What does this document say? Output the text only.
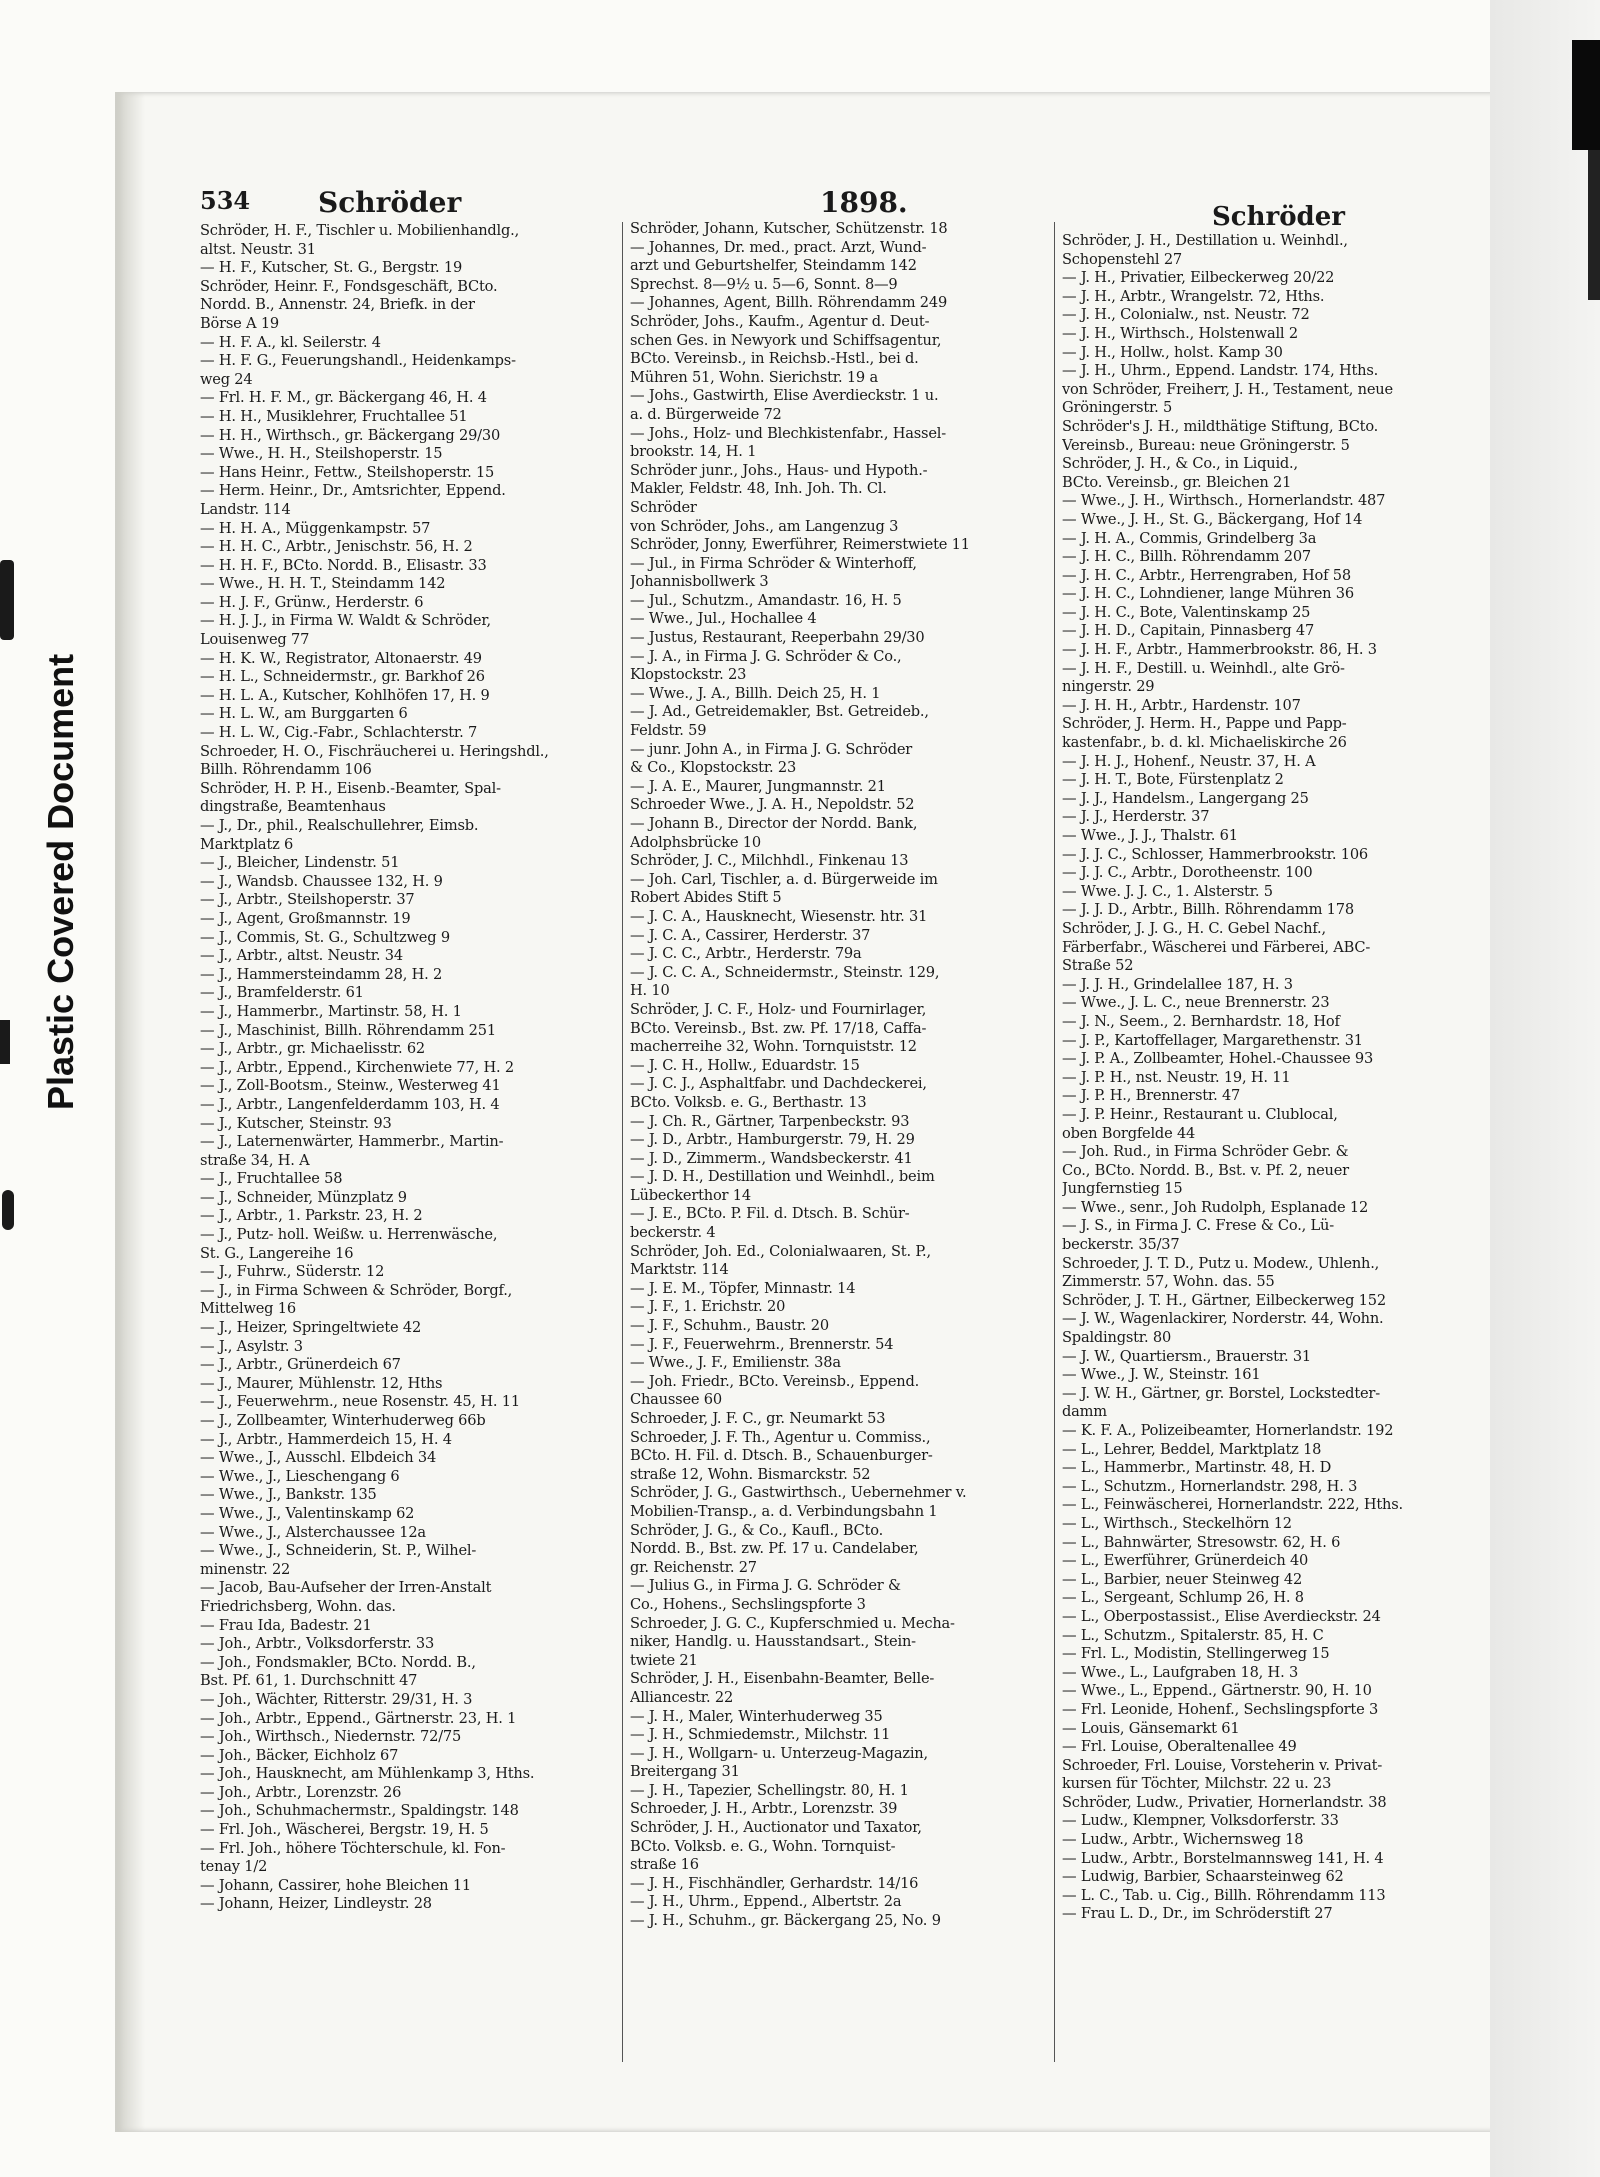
Plastic Covered Document
534 Schröder	1898.	Schröder

Schröder, H. F., Tischler u. Mobilienhandlg.,

altst. Neustr. 31

— H. F., Kutscher, St. G., Bergstr. 19

Schröder, Heinr. F., Fondsgeschäft, BCto.

Nordd. B., Annenstr. 24, Briefk. in der

Börse A 19

— H. F. A., kl. Seilerstr. 4

— H. F. G., Feuerungshandl., Heidenkamps-

weg 24

— Frl. H. F. M., gr. Bäckergang 46, H. 4

— H. H., Musiklehrer, Fruchtallee 51

— H. H., Wirthsch., gr. Bäckergang 29/30

— Wwe., H. H., Steilshoperstr. 15

— Hans Heinr., Fettw., Steilshoperstr. 15

— Herm. Heinr., Dr., Amtsrichter, Eppend.

Landstr. 114

— H. H. A., Müggenkampstr. 57

— H. H. C., Arbtr., Jenischstr. 56, H. 2

— H. H. F., BCto. Nordd. B., Elisastr. 33

— Wwe., H. H. T., Steindamm 142

— H. J. F., Grünw., Herderstr. 6

— H. J. J., in Firma W. Waldt & Schröder,

Louisenweg 77

— H. K. W., Registrator, Altonaerstr. 49

— H. L., Schneidermstr., gr. Barkhof 26

— H. L. A., Kutscher, Kohlhöfen 17, H. 9

— H. L. W., am Burggarten 6

— H. L. W., Cig.-Fabr., Schlachterstr. 7

Schroeder, H. O., Fischräucherei u. Heringshdl.,

Billh. Röhrendamm 106

Schröder, H. P. H., Eisenb.-Beamter, Spal-

dingstraße, Beamtenhaus

— J., Dr., phil., Realschullehrer, Eimsb.

Marktplatz 6

— J., Bleicher, Lindenstr. 51

— J., Wandsb. Chaussee 132, H. 9

— J., Arbtr., Steilshoperstr. 37

— J., Agent, Großmannstr. 19

— J., Commis, St. G., Schultzweg 9

— J., Arbtr., altst. Neustr. 34

— J., Hammersteindamm 28, H. 2

— J., Bramfelderstr. 61

— J., Hammerbr., Martinstr. 58, H. 1

— J., Maschinist, Billh. Röhrendamm 251

— J., Arbtr., gr. Michaelisstr. 62

— J., Arbtr., Eppend., Kirchenwiete 77, H. 2

— J., Zoll-Bootsm., Steinw., Westerweg 41

— J., Arbtr., Langenfelderdamm 103, H. 4

— J., Kutscher, Steinstr. 93

— J., Laternenwärter, Hammerbr., Martin-

straße 34, H. A

— J., Fruchtallee 58

— J., Schneider, Münzplatz 9

— J., Arbtr., 1. Parkstr. 23, H. 2

— J., Putz- holl. Weißw. u. Herrenwäsche,

St. G., Langereihe 16

— J., Fuhrw., Süderstr. 12

— J., in Firma Schween & Schröder, Borgf.,

Mittelweg 16

— J., Heizer, Springeltwiete 42

— J., Asylstr. 3

— J., Arbtr., Grünerdeich 67

— J., Maurer, Mühlenstr. 12, Hths

— J., Feuerwehrm., neue Rosenstr. 45, H. 11

— J., Zollbeamter, Winterhuderweg 66b

— J., Arbtr., Hammerdeich 15, H. 4

— Wwe., J., Ausschl. Elbdeich 34

— Wwe., J., Lieschengang 6

— Wwe., J., Bankstr. 135

— Wwe., J., Valentinskamp 62

— Wwe., J., Alsterchaussee 12a

— Wwe., J., Schneiderin, St. P., Wilhel-

minenstr. 22

— Jacob, Bau-Aufseher der Irren-Anstalt

Friedrichsberg, Wohn. das.

— Frau Ida, Badestr. 21

— Joh., Arbtr., Volksdorferstr. 33

— Joh., Fondsmakler, BCto. Nordd. B.,

Bst. Pf. 61, 1. Durchschnitt 47

— Joh., Wächter, Ritterstr. 29/31, H. 3

— Joh., Arbtr., Eppend., Gärtnerstr. 23, H. 1

— Joh., Wirthsch., Niedernstr. 72/75

— Joh., Bäcker, Eichholz 67

— Joh., Hausknecht, am Mühlenkamp 3, Hths.

— Joh., Arbtr., Lorenzstr. 26

— Joh., Schuhmachermstr., Spaldingstr. 148

— Frl. Joh., Wäscherei, Bergstr. 19, H. 5

— Frl. Joh., höhere Töchterschule, kl. Fon-

tenay 1/2

— Johann, Cassirer, hohe Bleichen 11

— Johann, Heizer, Lindleystr. 28

Schröder, Johann, Kutscher, Schützenstr. 18

— Johannes, Dr. med., pract. Arzt, Wund-

arzt und Geburtshelfer, Steindamm 142

Sprechst. 8—9½ u. 5—6, Sonnt. 8—9

— Johannes, Agent, Billh. Röhrendamm 249

Schröder, Johs., Kaufm., Agentur d. Deut-

schen Ges. in Newyork und Schiffsagentur,

BCto. Vereinsb., in Reichsb.-Hstl., bei d.

Mühren 51, Wohn. Sierichstr. 19 a

— Johs., Gastwirth, Elise Averdieckstr. 1 u.

a. d. Bürgerweide 72

— Johs., Holz- und Blechkistenfabr., Hassel-

brookstr. 14, H. 1

Schröder junr., Johs., Haus- und Hypoth.-

Makler, Feldstr. 48, Inh. Joh. Th. Cl.

Schröder

von Schröder, Johs., am Langenzug 3

Schröder, Jonny, Ewerführer, Reimerstwiete 11

— Jul., in Firma Schröder & Winterhoff,

Johannisbollwerk 3

— Jul., Schutzm., Amandastr. 16, H. 5

— Wwe., Jul., Hochallee 4

— Justus, Restaurant, Reeperbahn 29/30

— J. A., in Firma J. G. Schröder & Co.,

Klopstockstr. 23

— Wwe., J. A., Billh. Deich 25, H. 1

— J. Ad., Getreidemakler, Bst. Getreideb.,

Feldstr. 59

— junr. John A., in Firma J. G. Schröder

& Co., Klopstockstr. 23

— J. A. E., Maurer, Jungmannstr. 21

Schroeder Wwe., J. A. H., Nepoldstr. 52

— Johann B., Director der Nordd. Bank,

Adolphsbrücke 10

Schröder, J. C., Milchhdl., Finkenau 13

— Joh. Carl, Tischler, a. d. Bürgerweide im

Robert Abides Stift 5

— J. C. A., Hausknecht, Wiesenstr. htr. 31

— J. C. A., Cassirer, Herderstr. 37

— J. C. C., Arbtr., Herderstr. 79a

— J. C. C. A., Schneidermstr., Steinstr. 129,

H. 10

Schröder, J. C. F., Holz- und Fournirlager,

BCto. Vereinsb., Bst. zw. Pf. 17/18, Caffa-

macherreihe 32, Wohn. Tornquiststr. 12

— J. C. H., Hollw., Eduardstr. 15

— J. C. J., Asphaltfabr. und Dachdeckerei,

BCto. Volksb. e. G., Berthastr. 13

— J. Ch. R., Gärtner, Tarpenbeckstr. 93

— J. D., Arbtr., Hamburgerstr. 79, H. 29

— J. D., Zimmerm., Wandsbeckerstr. 41

— J. D. H., Destillation und Weinhdl., beim

Lübeckerthor 14

— J. E., BCto. P. Fil. d. Dtsch. B. Schür-

beckerstr. 4

Schröder, Joh. Ed., Colonialwaaren, St. P.,

Marktstr. 114

— J. E. M., Töpfer, Minnastr. 14

— J. F., 1. Erichstr. 20

— J. F., Schuhm., Baustr. 20

— J. F., Feuerwehrm., Brennerstr. 54

— Wwe., J. F., Emilienstr. 38a

— Joh. Friedr., BCto. Vereinsb., Eppend.

Chaussee 60

Schroeder, J. F. C., gr. Neumarkt 53

Schroeder, J. F. Th., Agentur u. Commiss.,

BCto. H. Fil. d. Dtsch. B., Schauenburger-

straße 12, Wohn. Bismarckstr. 52

Schröder, J. G., Gastwirthsch., Uebernehmer v.

Mobilien-Transp., a. d. Verbindungsbahn 1

Schröder, J. G., & Co., Kaufl., BCto.

Nordd. B., Bst. zw. Pf. 17 u. Candelaber,

gr. Reichenstr. 27

— Julius G., in Firma J. G. Schröder &

Co., Hohens., Sechslingspforte 3

Schroeder, J. G. C., Kupferschmied u. Mecha-

niker, Handlg. u. Hausstandsart., Stein-

twiete 21

Schröder, J. H., Eisenbahn-Beamter, Belle-

Alliancestr. 22

— J. H., Maler, Winterhuderweg 35

— J. H., Schmiedemstr., Milchstr. 11

— J. H., Wollgarn- u. Unterzeug-Magazin,

Breitergang 31

— J. H., Tapezier, Schellingstr. 80, H. 1

Schroeder, J. H., Arbtr., Lorenzstr. 39

Schröder, J. H., Auctionator und Taxator,

BCto. Volksb. e. G., Wohn. Tornquist-

straße 16

— J. H., Fischhändler, Gerhardstr. 14/16

— J. H., Uhrm., Eppend., Albertstr. 2a

— J. H., Schuhm., gr. Bäckergang 25, No. 9

Schröder, J. H., Destillation u. Weinhdl.,

Schopenstehl 27

— J. H., Privatier, Eilbeckerweg 20/22

— J. H., Arbtr., Wrangelstr. 72, Hths.

— J. H., Colonialw., nst. Neustr. 72

— J. H., Wirthsch., Holstenwall 2

— J. H., Hollw., holst. Kamp 30

— J. H., Uhrm., Eppend. Landstr. 174, Hths.

von Schröder, Freiherr, J. H., Testament, neue

Gröningerstr. 5

Schröder's J. H., mildthätige Stiftung, BCto.

Vereinsb., Bureau: neue Gröningerstr. 5

Schröder, J. H., & Co., in Liquid.,

BCto. Vereinsb., gr. Bleichen 21

— Wwe., J. H., Wirthsch., Hornerlandstr. 487

— Wwe., J. H., St. G., Bäckergang, Hof 14

— J. H. A., Commis, Grindelberg 3a

— J. H. C., Billh. Röhrendamm 207

— J. H. C., Arbtr., Herrengraben, Hof 58

— J. H. C., Lohndiener, lange Mühren 36

— J. H. C., Bote, Valentinskamp 25

— J. H. D., Capitain, Pinnasberg 47

— J. H. F., Arbtr., Hammerbrookstr. 86, H. 3

— J. H. F., Destill. u. Weinhdl., alte Grö-

ningerstr. 29

— J. H. H., Arbtr., Hardenstr. 107

Schröder, J. Herm. H., Pappe und Papp-

kastenfabr., b. d. kl. Michaeliskirche 26

— J. H. J., Hohenf., Neustr. 37, H. A

— J. H. T., Bote, Fürstenplatz 2

— J. J., Handelsm., Langergang 25

— J. J., Herderstr. 37

— Wwe., J. J., Thalstr. 61

— J. J. C., Schlosser, Hammerbrookstr. 106

— J. J. C., Arbtr., Dorotheenstr. 100

— Wwe. J. J. C., 1. Alsterstr. 5

— J. J. D., Arbtr., Billh. Röhrendamm 178

Schröder, J. J. G., H. C. Gebel Nachf.,

Färberfabr., Wäscherei und Färberei, ABC-

Straße 52

— J. J. H., Grindelallee 187, H. 3

— Wwe., J. L. C., neue Brennerstr. 23

— J. N., Seem., 2. Bernhardstr. 18, Hof

— J. P., Kartoffellager, Margarethenstr. 31

— J. P. A., Zollbeamter, Hohel.-Chaussee 93

— J. P. H., nst. Neustr. 19, H. 11

— J. P. H., Brennerstr. 47

— J. P. Heinr., Restaurant u. Clublocal,

oben Borgfelde 44

— Joh. Rud., in Firma Schröder Gebr. &

Co., BCto. Nordd. B., Bst. v. Pf. 2, neuer

Jungfernstieg 15

— Wwe., senr., Joh Rudolph, Esplanade 12

— J. S., in Firma J. C. Frese & Co., Lü-

beckerstr. 35/37

Schroeder, J. T. D., Putz u. Modew., Uhlenh.,

Zimmerstr. 57, Wohn. das. 55

Schröder, J. T. H., Gärtner, Eilbeckerweg 152

— J. W., Wagenlackirer, Norderstr. 44, Wohn.

Spaldingstr. 80

— J. W., Quartiersm., Brauerstr. 31

— Wwe., J. W., Steinstr. 161

— J. W. H., Gärtner, gr. Borstel, Lockstedter-

damm

— K. F. A., Polizeibeamter, Hornerlandstr. 192

— L., Lehrer, Beddel, Marktplatz 18

— L., Hammerbr., Martinstr. 48, H. D

— L., Schutzm., Hornerlandstr. 298, H. 3

— L., Feinwäscherei, Hornerlandstr. 222, Hths.

— L., Wirthsch., Steckelhörn 12

— L., Bahnwärter, Stresowstr. 62, H. 6

— L., Ewerführer, Grünerdeich 40

— L., Barbier, neuer Steinweg 42

— L., Sergeant, Schlump 26, H. 8

— L., Oberpostassist., Elise Averdieckstr. 24

— L., Schutzm., Spitalerstr. 85, H. C

— Frl. L., Modistin, Stellingerweg 15

— Wwe., L., Laufgraben 18, H. 3

— Wwe., L., Eppend., Gärtnerstr. 90, H. 10

— Frl. Leonide, Hohenf., Sechslingspforte 3

— Louis, Gänsemarkt 61

— Frl. Louise, Oberaltenallee 49

Schroeder, Frl. Louise, Vorsteherin v. Privat-

kursen für Töchter, Milchstr. 22 u. 23

Schröder, Ludw., Privatier, Hornerlandstr. 38

— Ludw., Klempner, Volksdorferstr. 33

— Ludw., Arbtr., Wichernsweg 18

— Ludw., Arbtr., Borstelmannsweg 141, H. 4

— Ludwig, Barbier, Schaarsteinweg 62

— L. C., Tab. u. Cig., Billh. Röhrendamm 113

— Frau L. D., Dr., im Schröderstift 27
